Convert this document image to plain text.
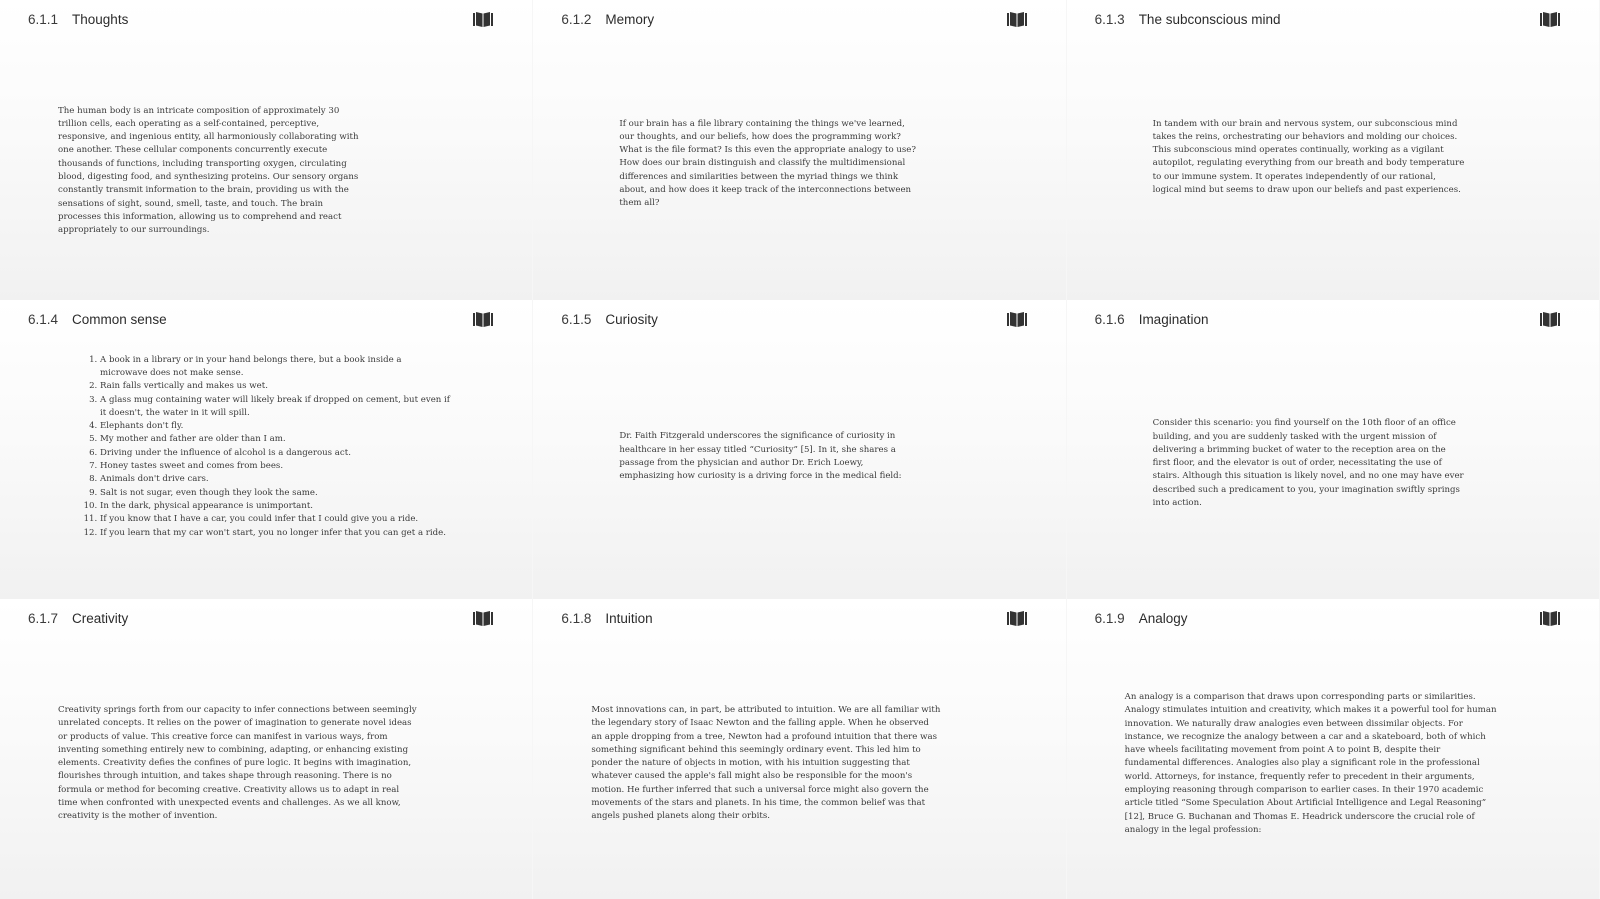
6.1.1 Thoughts

The human body is an intricate composition of approximately 30 trillion cells, each operating as a self-contained, perceptive, responsive, and ingenious entity, all harmoniously collaborating with one another. These cellular components concurrently execute thousands of functions, including transporting oxygen, circulating blood, digesting food, and synthesizing proteins. Our sensory organs constantly transmit information to the brain, providing us with the sensations of sight, sound, smell, taste, and touch. The brain processes this information, allowing us to comprehend and react appropriately to our surroundings.

6.1.2 Memory

If our brain has a file library containing the things we've learned, our thoughts, and our beliefs, how does the programming work? What is the file format? Is this even the appropriate analogy to use? How does our brain distinguish and classify the multidimensional differences and similarities between the myriad things we think about, and how does it keep track of the interconnections between them all?

6.1.3 The subconscious mind

In tandem with our brain and nervous system, our subconscious mind takes the reins, orchestrating our behaviors and molding our choices. This subconscious mind operates continually, working as a vigilant autopilot, regulating everything from our breath and body temperature to our immune system. It operates independently of our rational, logical mind but seems to draw upon our beliefs and past experiences.

6.1.4 Common sense
1. A book in a library or in your hand belongs there, but a book inside a microwave does not make sense.
2. Rain falls vertically and makes us wet.
3. A glass mug containing water will likely break if dropped on cement, but even if it doesn't, the water in it will spill.
4. Elephants don't fly.
5. My mother and father are older than I am.
6. Driving under the influence of alcohol is a dangerous act.
7. Honey tastes sweet and comes from bees.
8. Animals don't drive cars.
9. Salt is not sugar, even though they look the same.
10. In the dark, physical appearance is unimportant.
11. If you know that I have a car, you could infer that I could give you a ride.
12. If you learn that my car won't start, you no longer infer that you can get a ride.
6.1.5 Curiosity

Dr. Faith Fitzgerald underscores the significance of curiosity in healthcare in her essay titled “Curiosity” [5]. In it, she shares a passage from the physician and author Dr. Erich Loewy, emphasizing how curiosity is a driving force in the medical field:

6.1.6 Imagination

Consider this scenario: you find yourself on the 10th floor of an office building, and you are suddenly tasked with the urgent mission of delivering a brimming bucket of water to the reception area on the first floor, and the elevator is out of order, necessitating the use of stairs. Although this situation is likely novel, and no one may have ever described such a predicament to you, your imagination swiftly springs into action.

6.1.7 Creativity

Creativity springs forth from our capacity to infer connections between seemingly unrelated concepts. It relies on the power of imagination to generate novel ideas or products of value. This creative force can manifest in various ways, from inventing something entirely new to combining, adapting, or enhancing existing elements. Creativity defies the confines of pure logic. It begins with imagination, flourishes through intuition, and takes shape through reasoning. There is no formula or method for becoming creative. Creativity allows us to adapt in real time when confronted with unexpected events and challenges. As we all know, creativity is the mother of invention.

6.1.8 Intuition

Most innovations can, in part, be attributed to intuition. We are all familiar with the legendary story of Isaac Newton and the falling apple. When he observed an apple dropping from a tree, Newton had a profound intuition that there was something significant behind this seemingly ordinary event. This led him to ponder the nature of objects in motion, with his intuition suggesting that whatever caused the apple's fall might also be responsible for the moon's motion. He further inferred that such a universal force might also govern the movements of the stars and planets. In his time, the common belief was that angels pushed planets along their orbits.

6.1.9 Analogy

An analogy is a comparison that draws upon corresponding parts or similarities. Analogy stimulates intuition and creativity, which makes it a powerful tool for human innovation. We naturally draw analogies even between dissimilar objects. For instance, we recognize the analogy between a car and a skateboard, both of which have wheels facilitating movement from point A to point B, despite their fundamental differences. Analogies also play a significant role in the professional world. Attorneys, for instance, frequently refer to precedent in their arguments, employing reasoning through comparison to earlier cases. In their 1970 academic article titled “Some Speculation About Artificial Intelligence and Legal Reasoning” [12], Bruce G. Buchanan and Thomas E. Headrick underscore the crucial role of analogy in the legal profession:
